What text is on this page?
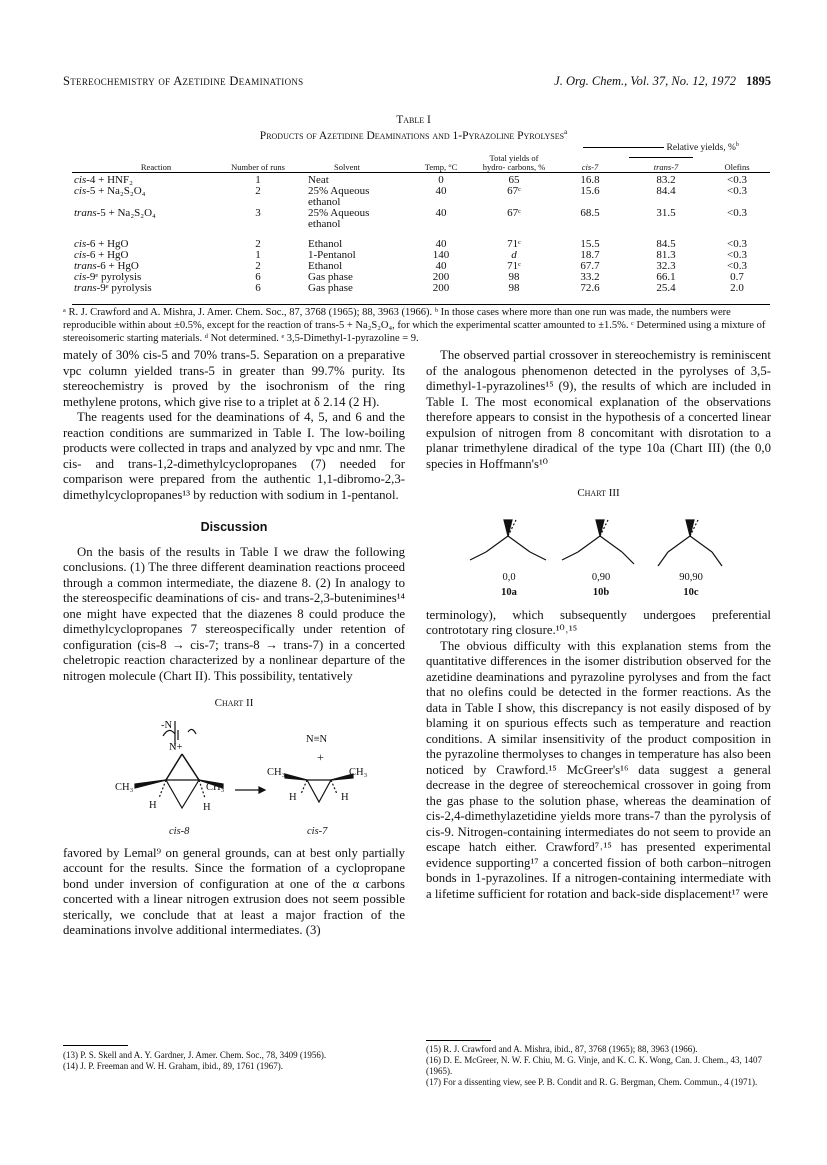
Stereochemistry of Azetidine Deaminations	J. Org. Chem., Vol. 37, No. 12, 1972 1895
Table I
Products of Azetidine Deaminations and 1-Pyrazoline Pyrolyses$^a$
				Total yields of hydro- carbons, %	Relative yields, %$^b$
Reaction	Number of runs	Solvent	Temp, °C		cis-7	trans-7	Olefins

cis-4 + HNF₂	1	Neat	0	65	16.8	83.2	<0.3
cis-5 + Na₂S₂O₄	2	25% Aqueous ethanol	40	67ᶜ	15.6	84.4	<0.3
trans-5 + Na₂S₂O₄	3	25% Aqueous ethanol	40	67ᶜ	68.5	31.5	<0.3
cis-6 + HgO	2	Ethanol	40	71ᶜ	15.5	84.5	<0.3
cis-6 + HgO	1	1-Pentanol	140	d	18.7	81.3	<0.3
trans-6 + HgO	2	Ethanol	40	71ᶜ	67.7	32.3	<0.3
cis-9ᵉ pyrolysis	6	Gas phase	200	98	33.2	66.1	0.7
trans-9ᵉ pyrolysis	6	Gas phase	200	98	72.6	25.4	2.0
ᵃ R. J. Crawford and A. Mishra, J. Amer. Chem. Soc., 87, 3768 (1965); 88, 3963 (1966). ᵇ In those cases where more than one run was made, the numbers were reproducible within about ±0.5%, except for the reaction of trans-5 + Na₂S₂O₄, for which the experimental scatter amounted to ±1.5%. ᶜ Determined using a mixture of stereoisomeric starting materials. ᵈ Not determined. ᵉ 3,5-Dimethyl-1-pyrazoline = 9.

mately of 30% cis-5 and 70% trans-5. Separation on a preparative vpc column yielded trans-5 in greater than 99.7% purity. Its stereochemistry is proved by the isochronism of the ring methylene protons, which give rise to a triplet at δ 2.14 (2 H).

The reagents used for the deaminations of 4, 5, and 6 and the reaction conditions are summarized in Table I. The low-boiling products were collected in traps and analyzed by vpc and nmr. The cis- and trans-1,2-dimethylcyclopropanes (7) needed for comparison were prepared from the authentic 1,1-dibromo-2,3-dimethylcyclopropanes¹³ by reduction with sodium in 1-pentanol.

Discussion

On the basis of the results in Table I we draw the following conclusions. (1) The three different deamination reactions proceed through a common intermediate, the diazene 8. (2) In analogy to the stereospecific deaminations of cis- and trans-2,3-butenimines¹⁴ one might have expected that the diazenes 8 could produce the dimethylcyclopropanes 7 stereospecifically under retention of configuration (cis-8 → cis-7; trans-8 → trans-7) in a concerted cheletropic reaction characterized by a nonlinear departure of the nitrogen molecule (Chart II). This possibility, tentatively

Chart II

-N
N+
CH₃	CH₃
H	H
N≡N
+
CH₃	CH₃
H	H
cis-8	cis-7

favored by Lemal⁹ on general grounds, can at best only partially account for the results. Since the formation of a cyclopropane bond under inversion of configuration at one of the α carbons concerted with a linear nitrogen extrusion does not seem possible sterically, we conclude that at least a major fraction of the deaminations involve additional intermediates. (3)

(13) P. S. Skell and A. Y. Gardner, J. Amer. Chem. Soc., 78, 3409 (1956).
(14) J. P. Freeman and W. H. Graham, ibid., 89, 1761 (1967).

The observed partial crossover in stereochemistry is reminiscent of the analogous phenomenon detected in the pyrolyses of 3,5-dimethyl-1-pyrazolines¹⁵ (9), the results of which are included in Table I. The most economical explanation of the observations therefore appears to consist in the hypothesis of a concerted linear expulsion of nitrogen from 8 concomitant with disrotation to a planar trimethylene diradical of the type 10a (Chart III) (the 0,0 species in Hoffmann's¹⁰

Chart III

0,0	0,90	90,90
10a	10b	10c

terminology), which subsequently undergoes preferential contrototary ring closure.¹⁰˒¹⁵

The obvious difficulty with this explanation stems from the quantitative differences in the isomer distribution observed for the azetidine deaminations and pyrazoline pyrolyses and from the fact that no olefins could be detected in the former reactions. As the data in Table I show, this discrepancy is not easily disposed of by blaming it on spurious effects such as temperature and reaction conditions. A similar insensitivity of the product composition in the pyrazoline thermolyses to changes in temperature has also been noticed by Crawford.¹⁵ McGreer's¹⁶ data suggest a general decrease in the degree of stereochemical crossover in going from the gas phase to the solution phase, whereas the deamination of cis-2,4-dimethylazetidine yields more trans-7 than the pyrolysis of cis-9. Nitrogen-containing intermediates do not seem to provide an escape hatch either. Crawford⁷˒¹⁵ has presented experimental evidence supporting¹⁷ a concerted fission of both carbon–nitrogen bonds in 1-pyrazolines. If a nitrogen-containing intermediate with a lifetime sufficient for rotation and back-side displacement¹⁷ were

(15) R. J. Crawford and A. Mishra, ibid., 87, 3768 (1965); 88, 3963 (1966).
(16) D. E. McGreer, N. W. F. Chiu, M. G. Vinje, and K. C. K. Wong, Can. J. Chem., 43, 1407 (1965).
(17) For a dissenting view, see P. B. Condit and R. G. Bergman, Chem. Commun., 4 (1971).
